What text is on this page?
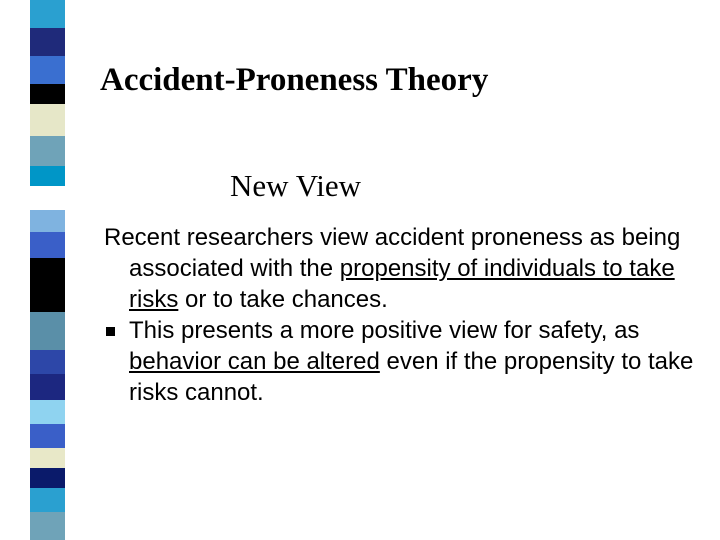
Accident-Proneness Theory
New View

Recent researchers view accident proneness as being associated with the propensity of individuals to take risks or to take chances.

This presents a more positive view for safety, as behavior can be altered even if the propensity to take risks cannot.
